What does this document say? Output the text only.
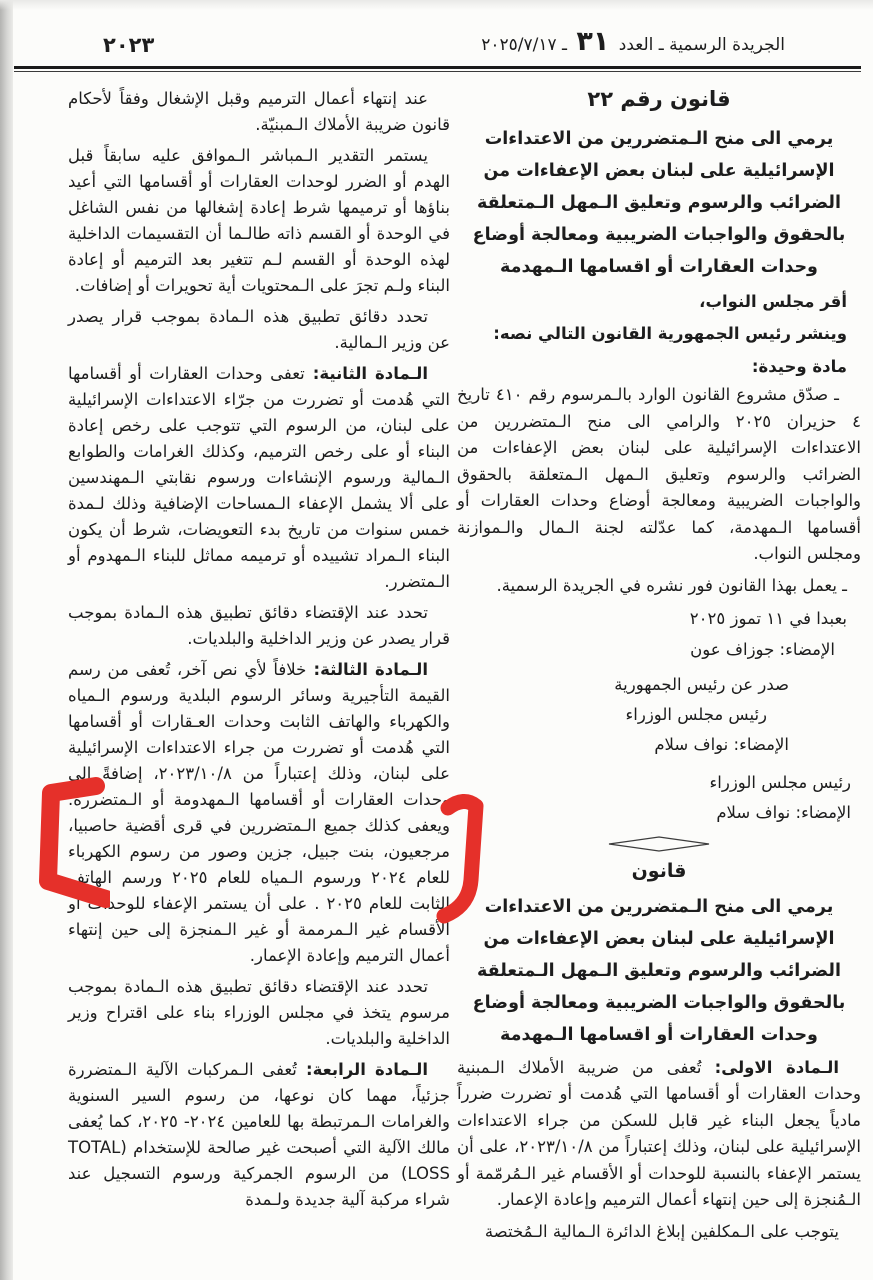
الجريدة الرسمية ـ العدد ٣١ ـ ٢٠٢٥/٧/١٧
٢٠٢٣
عند إنتهاء أعمال الترميم وقبل الإشغال وفقاً لأحكام قانون ضريبة الأملاك الـمبنيّة.
يستمر التقدير الـمباشر الـموافق عليه سابقاً قبل الهدم أو الضرر لوحدات العقارات أو أقسامها التي أعيد بناؤها أو ترميمها شرط إعادة إشغالها من نفس الشاغل في الوحدة أو القسم ذاته طالـما أن التقسيمات الداخلية لهذه الوحدة أو القسم لـم تتغير بعد الترميم أو إعادة البناء ولـم تجرَ على الـمحتويات أية تحويرات أو إضافات.
تحدد دقائق تطبيق هذه الـمادة بموجب قرار يصدر عن وزير الـمالية.
الـمادة الثانية: تعفى وحدات العقارات أو أقسامها التي هُدمت أو تضررت من جرّاء الاعتداءات الإسرائيلية على لبنان، من الرسوم التي تتوجب على رخص إعادة البناء أو على رخص الترميم، وكذلك الغرامات والطوابع الـمالية ورسوم الإنشاءات ورسوم نقابتي الـمهندسين على ألا يشمل الإعفاء الـمساحات الإضافية وذلك لـمدة خمس سنوات من تاريخ بدء التعويضات، شرط أن يكون البناء الـمراد تشييده أو ترميمه مماثل للبناء الـمهدوم أو الـمتضرر.
تحدد عند الإقتضاء دقائق تطبيق هذه الـمادة بموجب قرار يصدر عن وزير الداخلية والبلديات.
الـمادة الثالثة: خلافاً لأي نص آخر، تُعفى من رسم القيمة التأجيرية وسائر الرسوم البلدية ورسوم الـمياه والكهرباء والهاتف الثابت وحدات العـقارات أو أقسامها التي هُدمت أو تضررت من جراء الاعتداءات الإسرائيلية على لبنان، وذلك إعتباراً من ٢٠٢٣/١٠/٨، إضافةً إلى وحدات العقارات أو أقسامها الـمهدومة أو الـمتضررة. ويعفى كذلك جميع الـمتضررين في قرى أقضية حاصبيا، مرجعيون، بنت جبيل، جزين وصور من رسوم الكهرباء للعام ٢٠٢٤ ورسوم الـمياه للعام ٢٠٢٥ ورسم الهاتف الثابت للعام ٢٠٢٥ . على أن يستمر الإعفاء للوحدات أو الأقسام غير الـمرممة أو غير الـمنجزة إلى حين إنتهاء أعمال الترميم وإعادة الإعمار.
تحدد عند الإقتضاء دقائق تطبيق هذه الـمادة بموجب مرسوم يتخذ في مجلس الوزراء بناء على اقتراح وزير الداخلية والبلديات.
الـمادة الرابعة: تُعفى الـمركبات الآلية الـمتضررة جزئياً، مهما كان نوعها، من رسوم السير السنوية والغرامات الـمرتبطة بها للعامين ٢٠٢٤- ٢٠٢٥، كما يُعفى مالك الآلية التي أصبحت غير صالحة للإستخدام (TOTAL LOSS) من الرسوم الجمركية ورسوم التسجيل عند شراء مركبة آلية جديدة ولـمدة
قانون رقم ٢٢
يرمي الى منح الـمتضررين من الاعتداءات
الإسرائيلية على لبنان بعض الإعفاءات من
الضرائب والرسوم وتعليق الـمهل الـمتعلقة
بالحقوق والواجبات الضريبية ومعالجة أوضاع
وحدات العقارات أو اقسامها الـمهدمة
أقر مجلس النواب،
وينشر رئيس الجمهورية القانون التالي نصه:
مادة وحيدة:
ـ صدّق مشروع القانون الوارد بالـمرسوم رقم ٤١٠ تاريخ ٤ حزيران ٢٠٢٥ والرامي الى منح الـمتضررين من الاعتداءات الإسرائيلية على لبنان بعض الإعفاءات من الضرائب والرسوم وتعليق الـمهل الـمتعلقة بالحقوق والواجبات الضريبية ومعالجة أوضاع وحدات العقارات أو أقسامها الـمهدمة، كما عدّلته لجنة الـمال والـموازنة ومجلس النواب.
ـ يعمل بهذا القانون فور نشره في الجريدة الرسمية.
بعبدا في ١١ تموز ٢٠٢٥
الإمضاء: جوزاف عون
صدر عن رئيس الجمهورية
رئيس مجلس الوزراء
الإمضاء: نواف سلام
رئيس مجلس الوزراء
الإمضاء: نواف سلام
قانون
يرمي الى منح الـمتضررين من الاعتداءات
الإسرائيلية على لبنان بعض الإعفاءات من
الضرائب والرسوم وتعليق الـمهل الـمتعلقة
بالحقوق والواجبات الضريبية ومعالجة أوضاع
وحدات العقارات أو اقسامها الـمهدمة
الـمادة الاولى: تُعفى من ضريبة الأملاك الـمبنية وحدات العقارات أو أقسامها التي هُدمت أو تضررت ضرراً مادياً يجعل البناء غير قابل للسكن من جراء الاعتداءات الإسرائيلية على لبنان، وذلك إعتباراً من ٢٠٢٣/١٠/٨، على أن يستمر الإعفاء بالنسبة للوحدات أو الأقسام غير الـمُرمّمة أو الـمُنجزة إلى حين إنتهاء أعمال الترميم وإعادة الإعمار.
يتوجب على الـمكلفين إبلاغ الدائرة الـمالية الـمُختصة
